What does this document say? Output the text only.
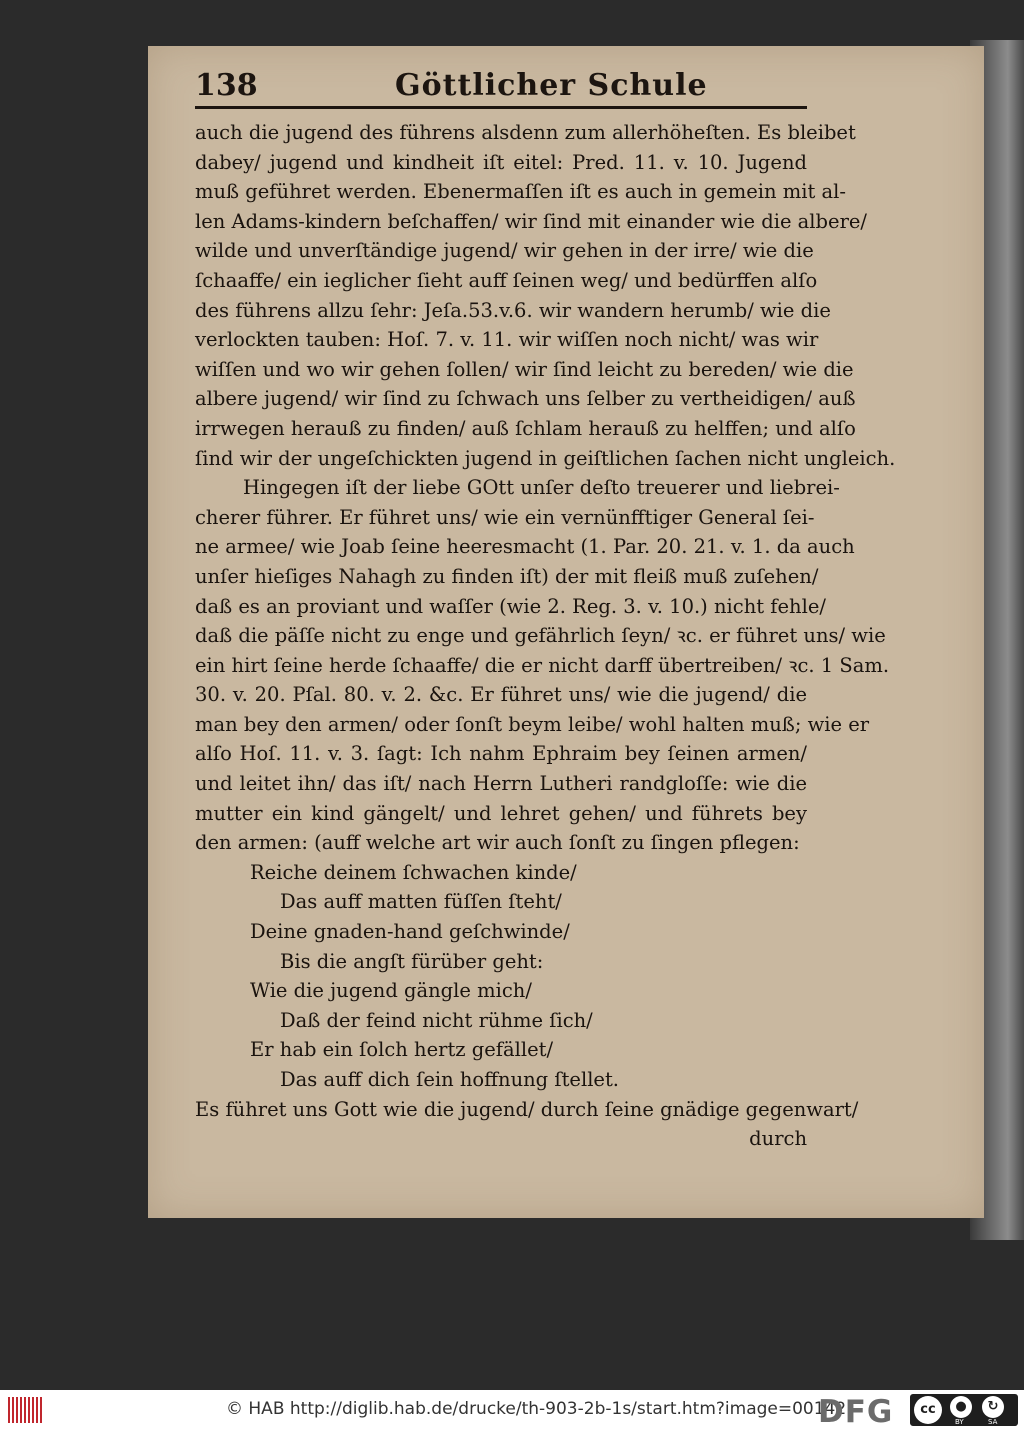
138	Göttlicher Schule
auch die jugend des führens alsdenn zum allerhöheſten. Es bleibet
dabey/ jugend und kindheit iſt eitel: Pred. 11. v. 10. Jugend
muß geführet werden. Ebenermaſſen iſt es auch in gemein mit al-
len Adams-kindern beſchaffen/ wir ſind mit einander wie die albere/
wilde und unverſtändige jugend/ wir gehen in der irre/ wie die
ſchaaffe/ ein ieglicher ſieht auff ſeinen weg/ und bedürffen alſo
des führens allzu ſehr: Jeſa.53.v.6. wir wandern herumb/ wie die
verlockten tauben: Hoſ. 7. v. 11. wir wiſſen noch nicht/ was wir
wiſſen und wo wir gehen ſollen/ wir ſind leicht zu bereden/ wie die
albere jugend/ wir ſind zu ſchwach uns ſelber zu vertheidigen/ auß
irrwegen herauß zu finden/ auß ſchlam herauß zu helffen; und alſo
ſind wir der ungeſchickten jugend in geiſtlichen ſachen nicht ungleich.
Hingegen iſt der liebe GOtt unſer deſto treuerer und liebrei-
cherer führer. Er führet uns/ wie ein vernünfftiger General ſei-
ne armee/ wie Joab ſeine heeresmacht (1. Par. 20. 21. v. 1. da auch
unſer hieſiges Nahagh zu finden iſt) der mit fleiß muß zuſehen/
daß es an proviant und waſſer (wie 2. Reg. 3. v. 10.) nicht fehle/
daß die päſſe nicht zu enge und gefährlich ſeyn/ ꝛc. er führet uns/ wie
ein hirt ſeine herde ſchaaffe/ die er nicht darff übertreiben/ ꝛc. 1 Sam.
30. v. 20. Pſal. 80. v. 2. &c. Er führet uns/ wie die jugend/ die
man bey den armen/ oder ſonſt beym leibe/ wohl halten muß; wie er
alſo Hoſ. 11. v. 3. ſagt: Ich nahm Ephraim bey ſeinen armen/
und leitet ihn/ das iſt/ nach Herrn Lutheri randgloſſe: wie die
mutter ein kind gängelt/ und lehret gehen/ und führets bey
den armen: (auff welche art wir auch ſonſt zu ſingen pflegen:
Reiche deinem ſchwachen kinde/
Das auff matten füſſen ſteht/
Deine gnaden-hand geſchwinde/
Bis die angſt fürüber geht:
Wie die jugend gängle mich/
Daß der feind nicht rühme ſich/
Er hab ein ſolch hertz gefället/
Das auff dich ſein hoffnung ſtellet.
Es führet uns Gott wie die jugend/ durch ſeine gnädige gegenwart/
durch
© HAB http://diglib.hab.de/drucke/th-903-2b-1s/start.htm?image=00142
DFG	cc	●	↻
BY	SA
